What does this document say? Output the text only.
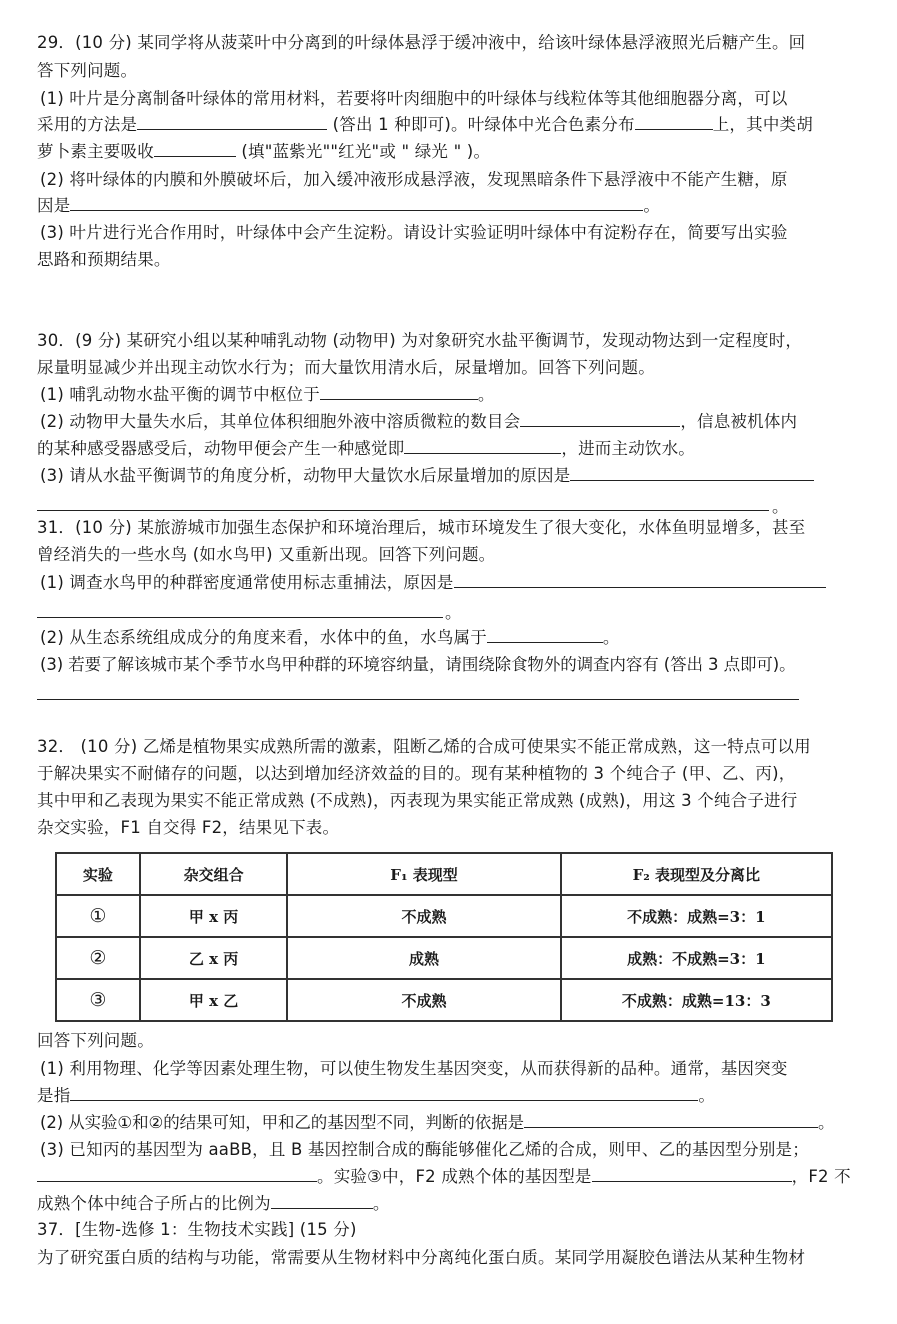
29．(10 分) 某同学将从菠菜叶中分离到的叶绿体悬浮于缓冲液中，给该叶绿体悬浮液照光后糖产生。回
答下列问题。
(1) 叶片是分离制备叶绿体的常用材料，若要将叶肉细胞中的叶绿体与线粒体等其他细胞器分离，可以
采用的方法是	(答出 1 种即可)。叶绿体中光合色素分布	上，其中类胡
萝卜素主要吸收	(填"蓝紫光""红光"或 " 绿光 " )。
(2) 将叶绿体的内膜和外膜破坏后，加入缓冲液形成悬浮液，发现黑暗条件下悬浮液中不能产生糖，原
因是	。
(3) 叶片进行光合作用时，叶绿体中会产生淀粉。请设计实验证明叶绿体中有淀粉存在，简要写出实验
思路和预期结果。
30．(9 分) 某研究小组以某种哺乳动物 (动物甲) 为对象研究水盐平衡调节，发现动物达到一定程度时，
尿量明显减少并出现主动饮水行为；而大量饮用清水后，尿量增加。回答下列问题。
(1) 哺乳动物水盐平衡的调节中枢位于	。
(2) 动物甲大量失水后，其单位体积细胞外液中溶质微粒的数目会	，信息被机体内
的某种感受器感受后，动物甲便会产生一种感觉即	，进而主动饮水。
(3) 请从水盐平衡调节的角度分析，动物甲大量饮水后尿量增加的原因是
。
31．(10 分) 某旅游城市加强生态保护和环境治理后，城市环境发生了很大变化，水体鱼明显增多，甚至
曾经消失的一些水鸟 (如水鸟甲) 又重新出现。回答下列问题。
(1) 调查水鸟甲的种群密度通常使用标志重捕法，原因是
。
(2) 从生态系统组成成分的角度来看，水体中的鱼，水鸟属于	。
(3) 若要了解该城市某个季节水鸟甲种群的环境容纳量，请围绕除食物外的调查内容有 (答出 3 点即可)。
32． (10 分) 乙烯是植物果实成熟所需的激素，阻断乙烯的合成可使果实不能正常成熟，这一特点可以用
于解决果实不耐储存的问题，以达到增加经济效益的目的。现有某种植物的 3 个纯合子 (甲、乙、丙)，
其中甲和乙表现为果实不能正常成熟 (不成熟)，丙表现为果实能正常成熟 (成熟)，用这 3 个纯合子进行
杂交实验，F1 自交得 F2，结果见下表。
实验	杂交组合	F₁ 表现型	F₂ 表现型及分离比
①	甲 x 丙	不成熟	不成熟：成熟=3：1
②	乙 x 丙	成熟	成熟：不成熟=3：1
③	甲 x 乙	不成熟	不成熟：成熟=13：3
回答下列问题。
(1) 利用物理、化学等因素处理生物，可以使生物发生基因突变，从而获得新的品种。通常，基因突变
是指	。
(2) 从实验①和②的结果可知，甲和乙的基因型不同，判断的依据是	。
(3) 已知丙的基因型为 aaBB，且 B 基因控制合成的酶能够催化乙烯的合成，则甲、乙的基因型分别是；
。实验③中，F2 成熟个体的基因型是	，F2 不
成熟个体中纯合子所占的比例为	。
37．[生物-选修 1：生物技术实践] (15 分)
为了研究蛋白质的结构与功能，常需要从生物材料中分离纯化蛋白质。某同学用凝胶色谱法从某种生物材
